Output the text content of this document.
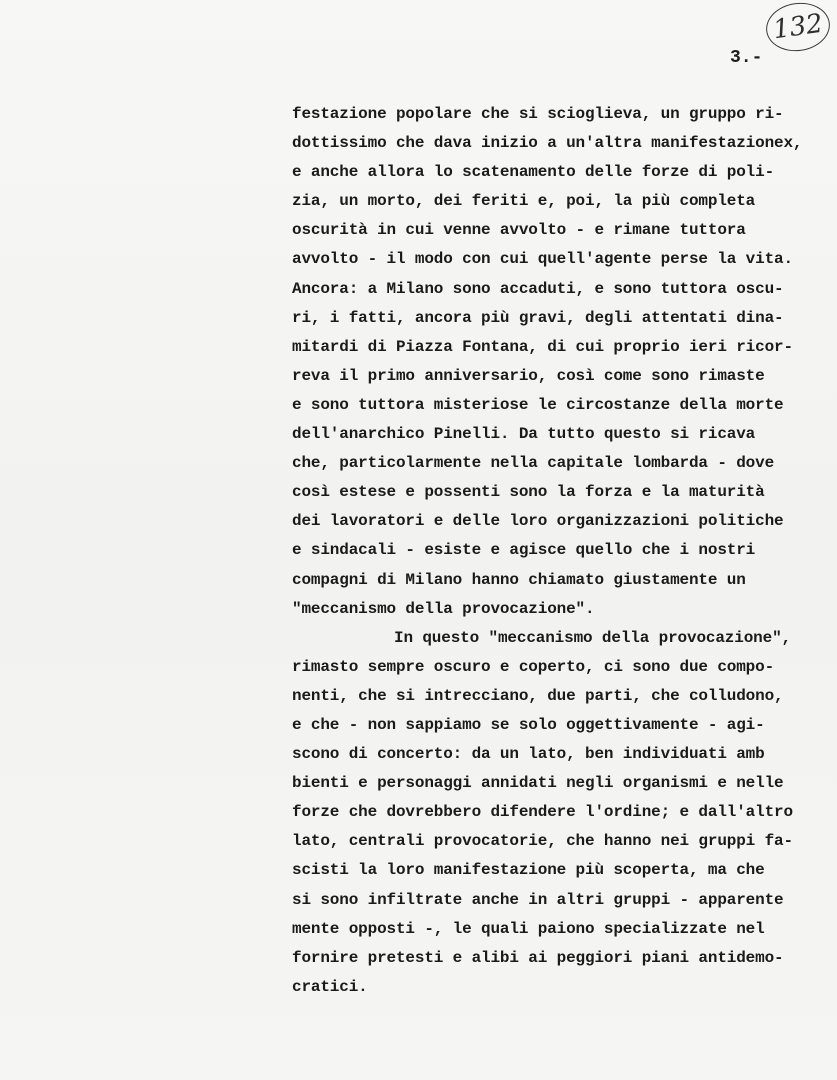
132
3.-
festazione popolare che si scioglieva, un gruppo ri-
dottissimo che dava inizio a un'altra manifestazionex,
e anche allora lo scatenamento delle forze di poli-
zia, un morto, dei feriti e, poi, la più completa
oscurità in cui venne avvolto - e rimane tuttora
avvolto - il modo con cui quell'agente perse la vita.
Ancora: a Milano sono accaduti, e sono tuttora oscu-
ri, i fatti, ancora più gravi, degli attentati dina-
mitardi di Piazza Fontana, di cui proprio ieri ricor-
reva il primo anniversario, così come sono rimaste
e sono tuttora misteriose le circostanze della morte
dell'anarchico Pinelli. Da tutto questo si ricava
che, particolarmente nella capitale lombarda - dove
così estese e possenti sono la forza e la maturità
dei lavoratori e delle loro organizzazioni politiche
e sindacali - esiste e agisce quello che i nostri
compagni di Milano hanno chiamato giustamente un
"meccanismo della provocazione".
In questo "meccanismo della provocazione",
rimasto sempre oscuro e coperto, ci sono due compo-
nenti, che si intrecciano, due parti, che colludono,
e che - non sappiamo se solo oggettivamente - agi-
scono di concerto: da un lato, ben individuati amb
bienti e personaggi annidati negli organismi e nelle
forze che dovrebbero difendere l'ordine; e dall'altro
lato, centrali provocatorie, che hanno nei gruppi fa-
scisti la loro manifestazione più scoperta, ma che
si sono infiltrate anche in altri gruppi - apparente
mente opposti -, le quali paiono specializzate nel
fornire pretesti e alibi ai peggiori piani antidemo-
cratici.
